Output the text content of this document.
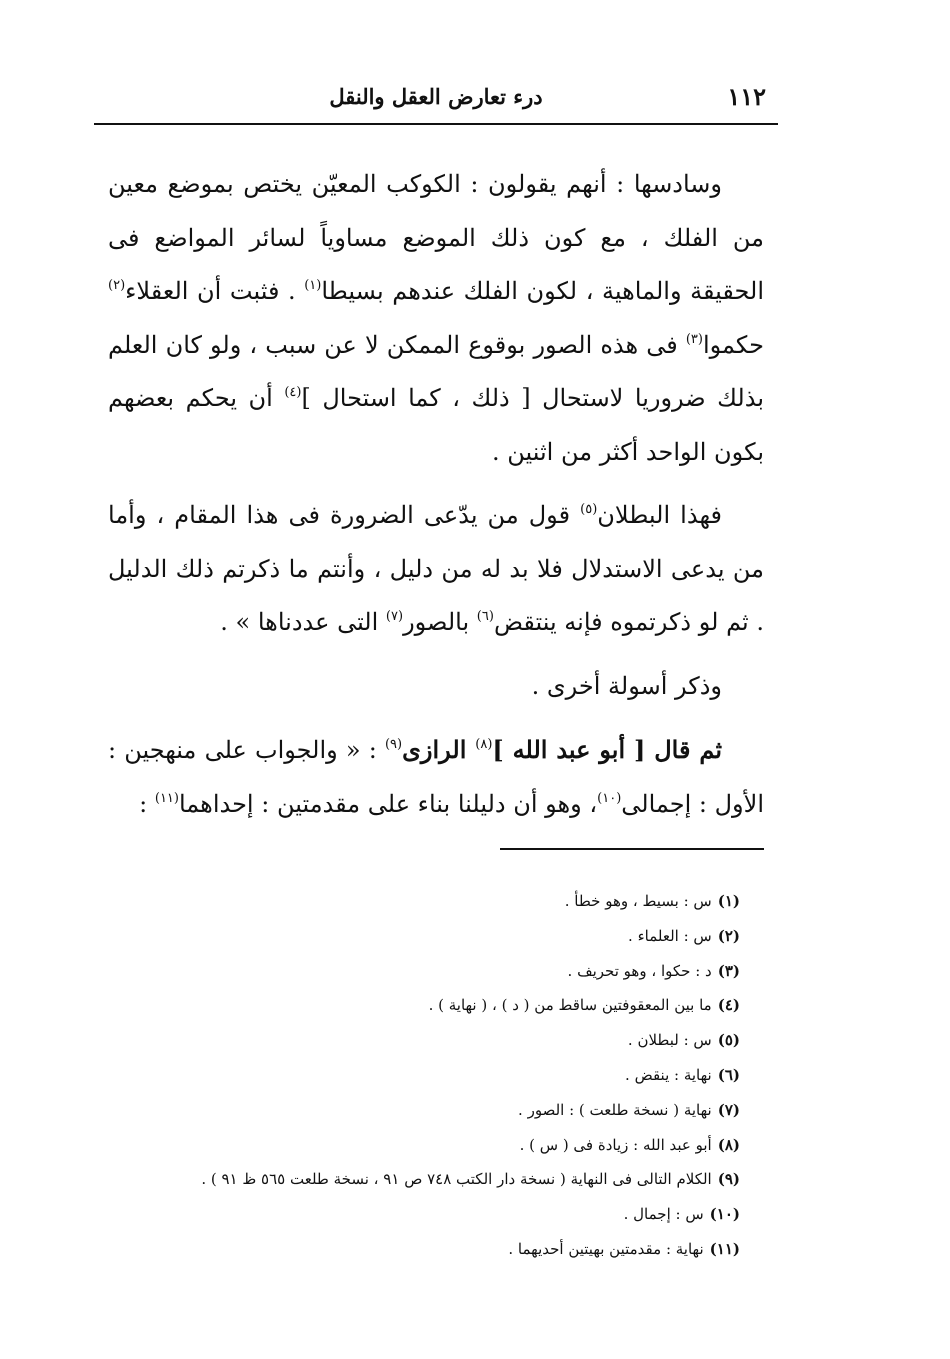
١١٢
درء تعارض العقل والنقل

وسادسها : أنهم يقولون : الكوكب المعيّن يختص بموضع معين من الفلك ، مع كون ذلك الموضع مساوياً لسائر المواضع فى الحقيقة والماهية ، لكون الفلك عندهم بسيطا$^{(١)}$ . فثبت أن العقلاء$^{(٢)}$ حكموا$^{(٣)}$ فى هذه الصور بوقوع الممكن لا عن سبب ، ولو كان العلم بذلك ضروريا لاستحال [ ذلك ، كما استحال ]$^{(٤)}$ أن يحكم بعضهم بكون الواحد أكثر من اثنين .

فهذا البطلان$^{(٥)}$ قول من يدّعى الضرورة فى هذا المقام ، وأما من يدعى الاستدلال فلا بد له من دليل ، وأنتم ما ذكرتم ذلك الدليل . ثم لو ذكرتموه فإنه ينتقض$^{(٦)}$ بالصور$^{(٧)}$ التى عددناها » .

وذكر أسولة أخرى .

ثم قال [ أبو عبد الله ]$^{(٨)}$ الرازى$^{(٩)}$ : « والجواب على منهجين : الأول : إجمالى$^{(١٠)}$، وهو أن دليلنا بناء على مقدمتين : إحداهما$^{(١١)}$ :

(١)س : بسيط ، وهو خطأ .
(٢)س : العلماء .
(٣)د : حكوا ، وهو تحريف .
(٤)ما بين المعقوفتين ساقط من ( د ) ، ( نهاية ) .
(٥)س : لبطلان .
(٦)نهاية : ينقض .
(٧)نهاية ( نسخة طلعت ) : الصور .
(٨)أبو عبد الله : زيادة فى ( س ) .
(٩)الكلام التالى فى النهاية ( نسخة دار الكتب ٧٤٨ ص ٩١ ، نسخة طلعت ٥٦٥ ظ ٩١ ) .
(١٠)س : إجمال .
(١١)نهاية : مقدمتين بهيتين أحديهما .
